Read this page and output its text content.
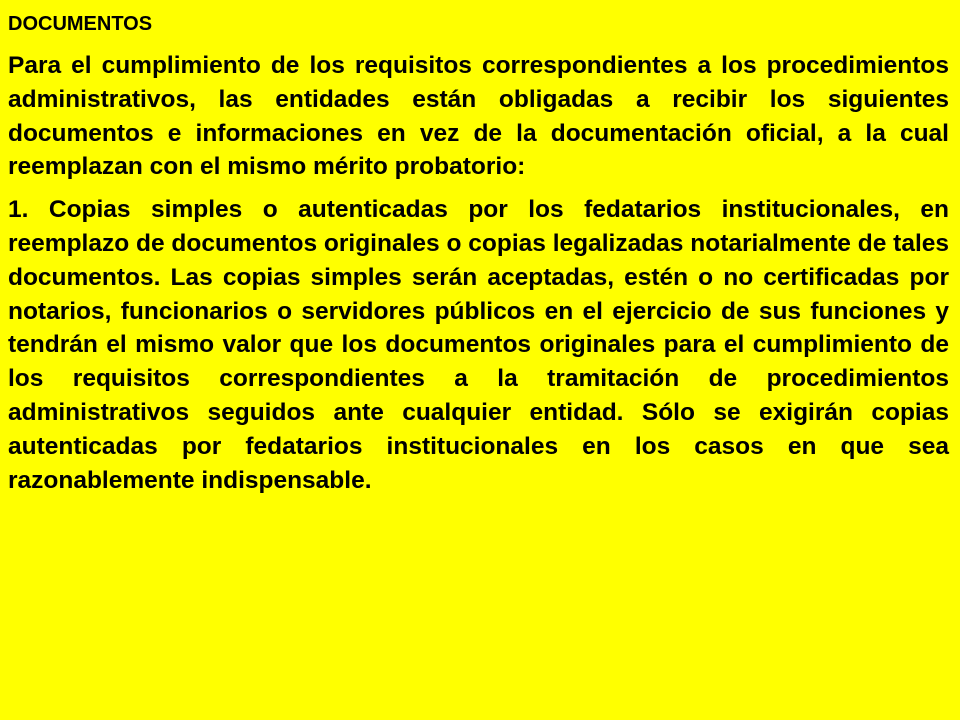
DOCUMENTOS

Para el cumplimiento de los requisitos correspondientes a los procedimientos administrativos, las entidades están obligadas a recibir los siguientes documentos e informaciones en vez de la documentación oficial, a la cual reemplazan con el mismo mérito probatorio:

1. Copias simples o autenticadas por los fedatarios institucionales, en reemplazo de documentos originales o copias legalizadas notarialmente de tales documentos. Las copias simples serán aceptadas, estén o no certificadas por notarios, funcionarios o servidores públicos en el ejercicio de sus funciones y tendrán el mismo valor que los documentos originales para el cumplimiento de los requisitos correspondientes a la tramitación de procedimientos administrativos seguidos ante cualquier entidad. Sólo se exigirán copias autenticadas por fedatarios institucionales en los casos en que sea razonablemente indispensable.
